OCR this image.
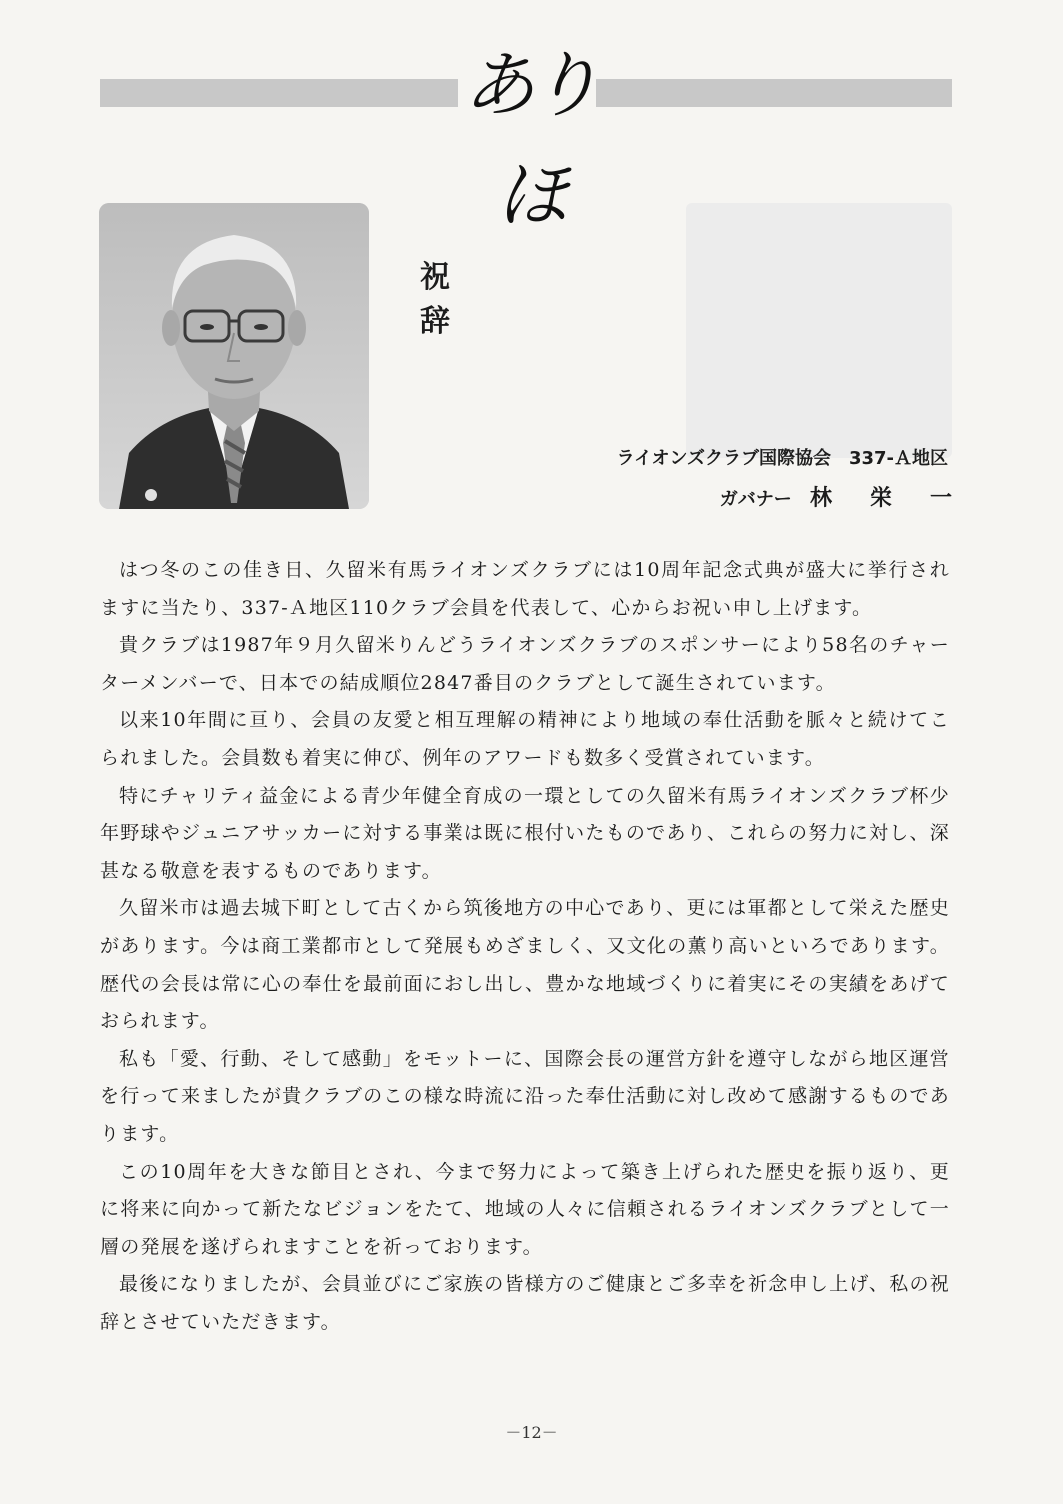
ありほ
祝　辞
ライオンズクラブ国際協会　337-Ａ地区
ガバナー 林栄一

はつ冬のこの佳き日、久留米有馬ライオンズクラブには10周年記念式典が盛大に挙行されますに当たり、337-Ａ地区110クラブ会員を代表して、心からお祝い申し上げます。

貴クラブは1987年９月久留米りんどうライオンズクラブのスポンサーにより58名のチャーターメンバーで、日本での結成順位2847番目のクラブとして誕生されています。

以来10年間に亘り、会員の友愛と相互理解の精神により地域の奉仕活動を脈々と続けてこられました。会員数も着実に伸び、例年のアワードも数多く受賞されています。

特にチャリティ益金による青少年健全育成の一環としての久留米有馬ライオンズクラブ杯少年野球やジュニアサッカーに対する事業は既に根付いたものであり、これらの努力に対し、深甚なる敬意を表するものであります。

久留米市は過去城下町として古くから筑後地方の中心であり、更には軍都として栄えた歴史があります。今は商工業都市として発展もめざましく、又文化の薫り高いといろであります。歴代の会長は常に心の奉仕を最前面におし出し、豊かな地域づくりに着実にその実績をあげておられます。

私も「愛、行動、そして感動」をモットーに、国際会長の運営方針を遵守しながら地区運営を行って来ましたが貴クラブのこの様な時流に沿った奉仕活動に対し改めて感謝するものであります。

この10周年を大きな節目とされ、今まで努力によって築き上げられた歴史を振り返り、更に将来に向かって新たなビジョンをたて、地域の人々に信頼されるライオンズクラブとして一層の発展を遂げられますことを祈っております。

最後になりましたが、会員並びにご家族の皆様方のご健康とご多幸を祈念申し上げ、私の祝辞とさせていただきます。

－12－
